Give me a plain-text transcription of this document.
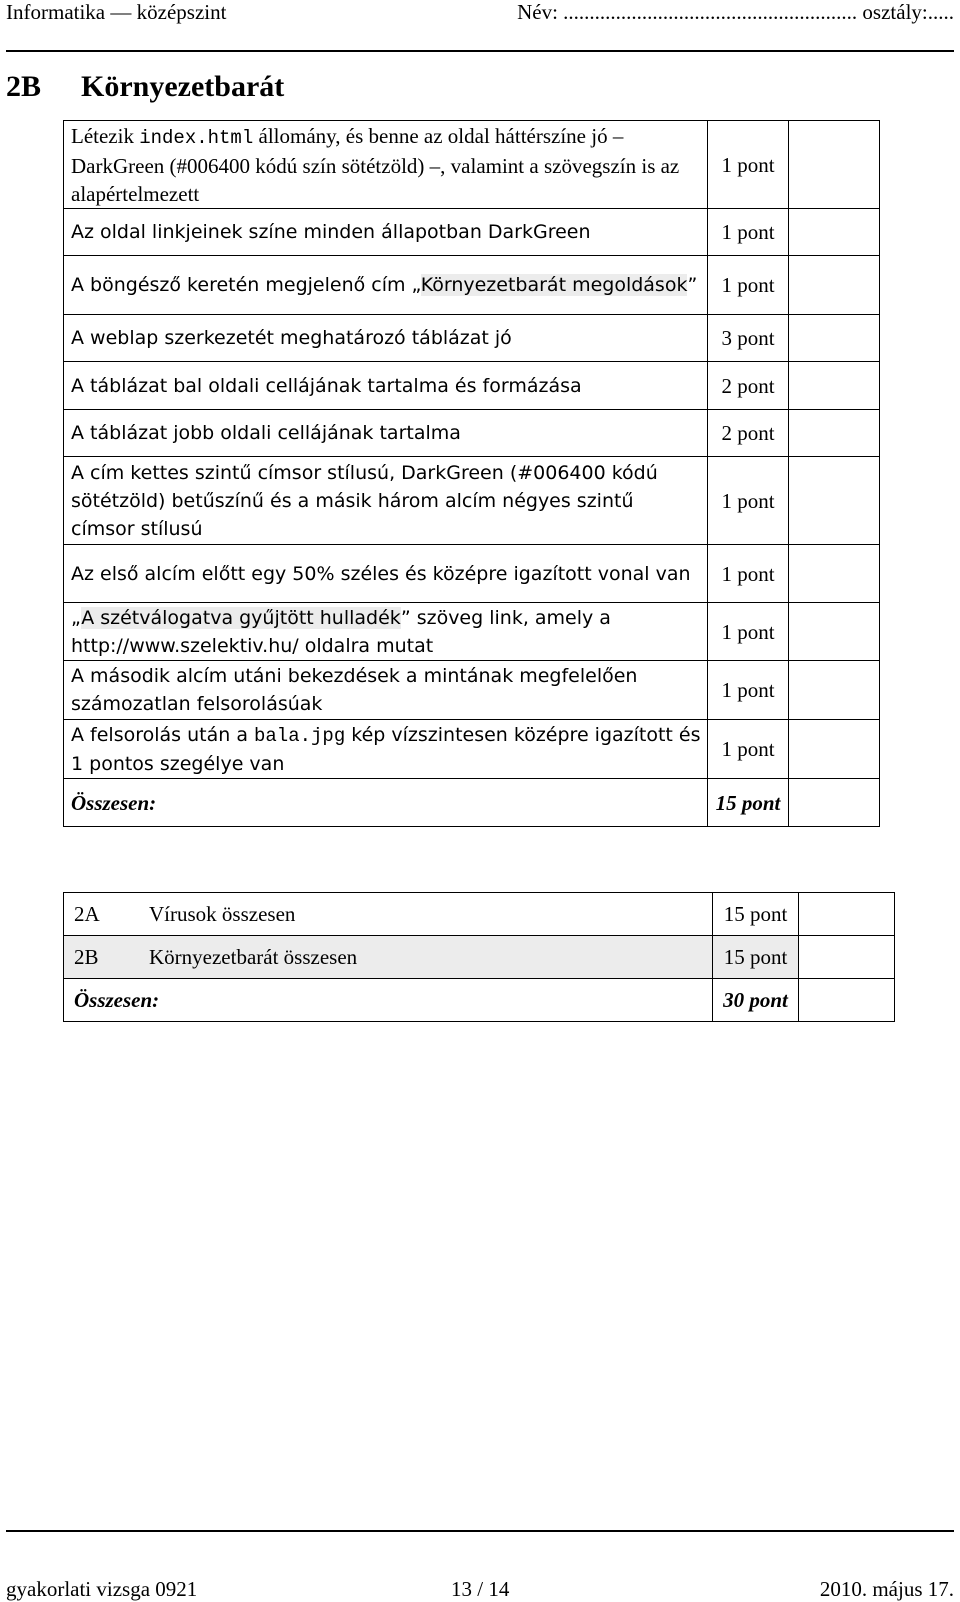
Informatika — középszint	Név: ........................................................ osztály:.....
2B Környezetbarát
Létezik index.html állomány, és benne az oldal háttérszíne jó – DarkGreen (#006400 kódú szín sötétzöld) –, valamint a szövegszín is az alapértelmezett	1 pont	
Az oldal linkjeinek színe minden állapotban DarkGreen	1 pont	
A böngésző keretén megjelenő cím „Környezetbarát megoldások”	1 pont	
A weblap szerkezetét meghatározó táblázat jó	3 pont	
A táblázat bal oldali cellájának tartalma és formázása	2 pont	
A táblázat jobb oldali cellájának tartalma	2 pont	
A cím kettes szintű címsor stílusú, DarkGreen (#006400 kódú sötétzöld) betűszínű és a másik három alcím négyes szintű címsor stílusú	1 pont	
Az első alcím előtt egy 50% széles és középre igazított vonal van	1 pont	
„A szétválogatva gyűjtött hulladék” szöveg link, amely a http://www.szelektiv.hu/ oldalra mutat	1 pont	
A második alcím utáni bekezdések a mintának megfelelően számozatlan felsorolásúak	1 pont	
A felsorolás után a bala.jpg kép vízszintesen középre igazított és 1 pontos szegélye van	1 pont	
Összesen:	15 pont	
2A Vírusok összesen	15 pont	
2B Környezetbarát összesen	15 pont	
Összesen:	30 pont	
gyakorlati vizsga 0921	13 / 14	2010. május 17.
